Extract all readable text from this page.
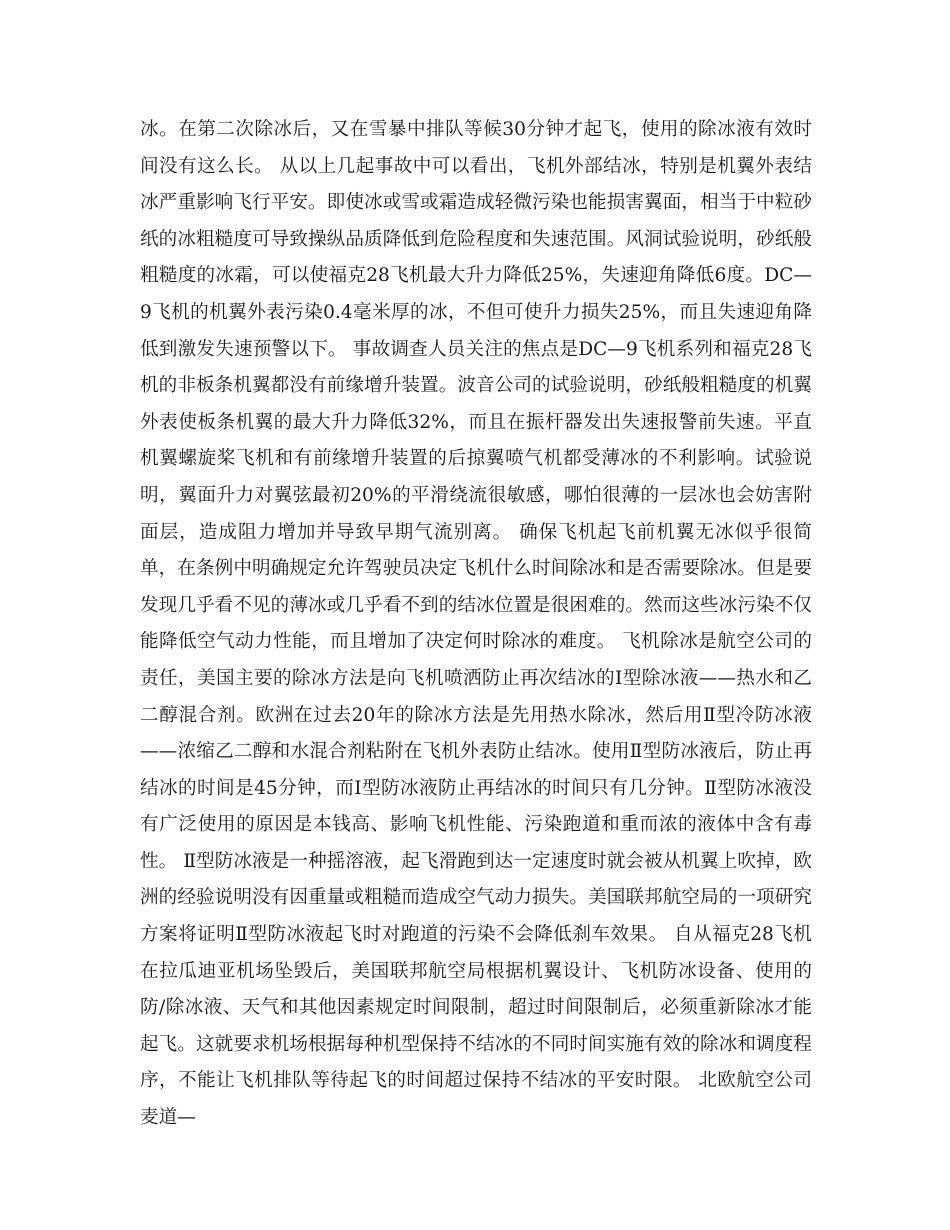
冰。在第二次除冰后，又在雪暴中排队等候30分钟才起飞，使用的除冰液有效时间没有这么长。 从以上几起事故中可以看出，飞机外部结冰，特别是机翼外表结冰严重影响飞行平安。即使冰或雪或霜造成轻微污染也能损害翼面，相当于中粒砂纸的冰粗糙度可导致操纵品质降低到危险程度和失速范围。风洞试验说明，砂纸般粗糙度的冰霜，可以使福克28飞机最大升力降低25%，失速迎角降低6度。DC—9飞机的机翼外表污染0.4毫米厚的冰，不但可使升力损失25%，而且失速迎角降低到激发失速预警以下。 事故调查人员关注的焦点是DC—9飞机系列和福克28飞机的非板条机翼都没有前缘增升装置。波音公司的试验说明，砂纸般粗糙度的机翼外表使板条机翼的最大升力降低32%，而且在振杆器发出失速报警前失速。平直机翼螺旋桨飞机和有前缘增升装置的后掠翼喷气机都受薄冰的不利影响。试验说明，翼面升力对翼弦最初20%的平滑绕流很敏感，哪怕很薄的一层冰也会妨害附面层，造成阻力增加并导致早期气流别离。 确保飞机起飞前机翼无冰似乎很简单，在条例中明确规定允许驾驶员决定飞机什么时间除冰和是否需要除冰。但是要发现几乎看不见的薄冰或几乎看不到的结冰位置是很困难的。然而这些冰污染不仅能降低空气动力性能，而且增加了决定何时除冰的难度。 飞机除冰是航空公司的责任，美国主要的除冰方法是向飞机喷洒防止再次结冰的Ⅰ型除冰液——热水和乙二醇混合剂。欧洲在过去20年的除冰方法是先用热水除冰，然后用Ⅱ型冷防冰液——浓缩乙二醇和水混合剂粘附在飞机外表防止结冰。使用Ⅱ型防冰液后，防止再结冰的时间是45分钟，而Ⅰ型防冰液防止再结冰的时间只有几分钟。Ⅱ型防冰液没有广泛使用的原因是本钱高、影响飞机性能、污染跑道和重而浓的液体中含有毒性。 Ⅱ型防冰液是一种摇溶液，起飞滑跑到达一定速度时就会被从机翼上吹掉，欧洲的经验说明没有因重量或粗糙而造成空气动力损失。美国联邦航空局的一项研究方案将证明Ⅱ型防冰液起飞时对跑道的污染不会降低刹车效果。 自从福克28飞机在拉瓜迪亚机场坠毁后，美国联邦航空局根据机翼设计、飞机防冰设备、使用的防/除冰液、天气和其他因素规定时间限制，超过时间限制后，必须重新除冰才能起飞。这就要求机场根据每种机型保持不结冰的不同时间实施有效的除冰和调度程序，不能让飞机排队等待起飞的时间超过保持不结冰的平安时限。 北欧航空公司麦道—
